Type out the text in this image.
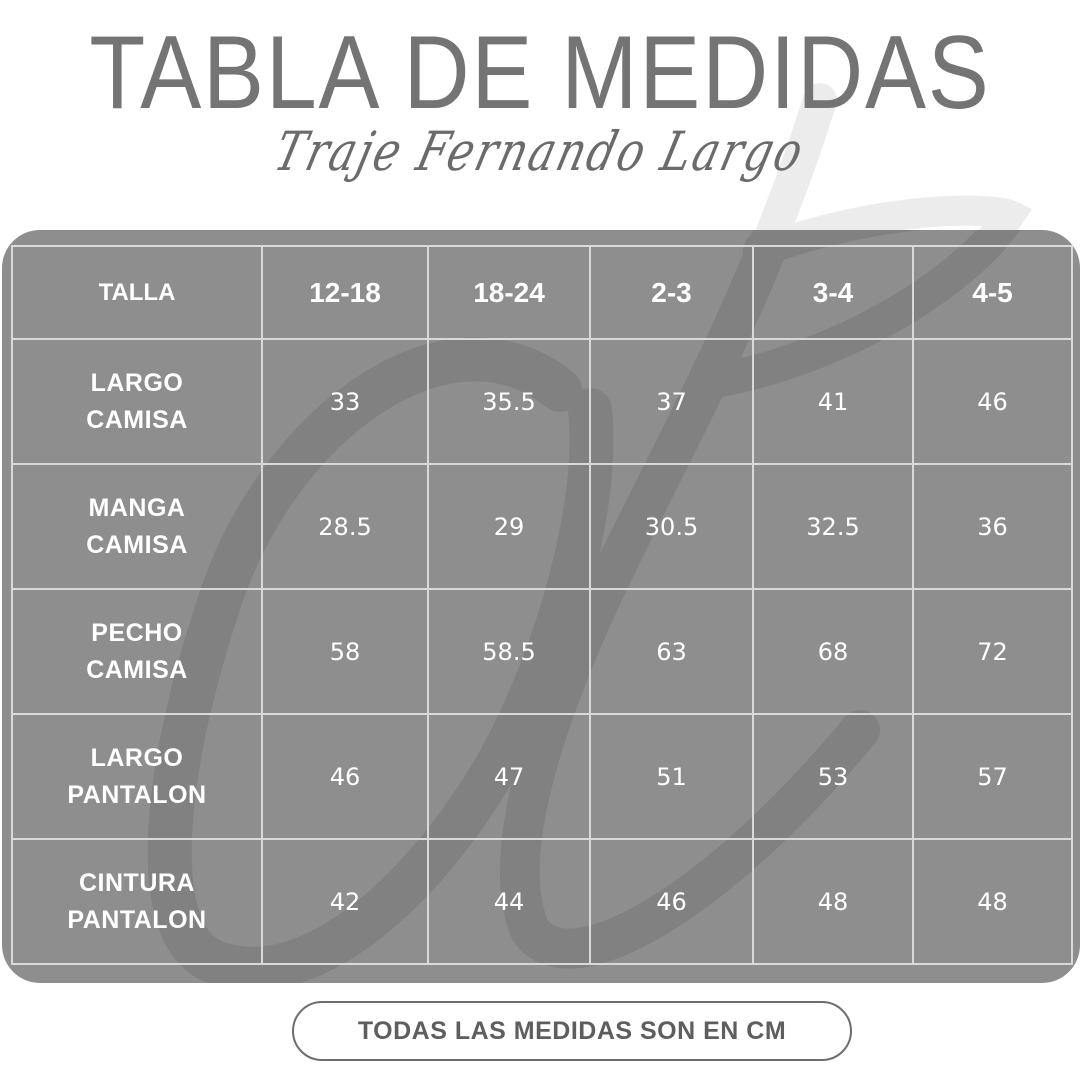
TABLA DE MEDIDAS
Traje Fernando Largo
TALLA	12-18	18-24	2-3	3-4	4-5

LARGO
CAMISA	33	35.5	37	41	46

MANGA
CAMISA	28.5	29	30.5	32.5	36

PECHO
CAMISA	58	58.5	63	68	72

LARGO
PANTALON	46	47	51	53	57

CINTURA
PANTALON	42	44	46	48	48
TODAS LAS MEDIDAS SON EN CM
